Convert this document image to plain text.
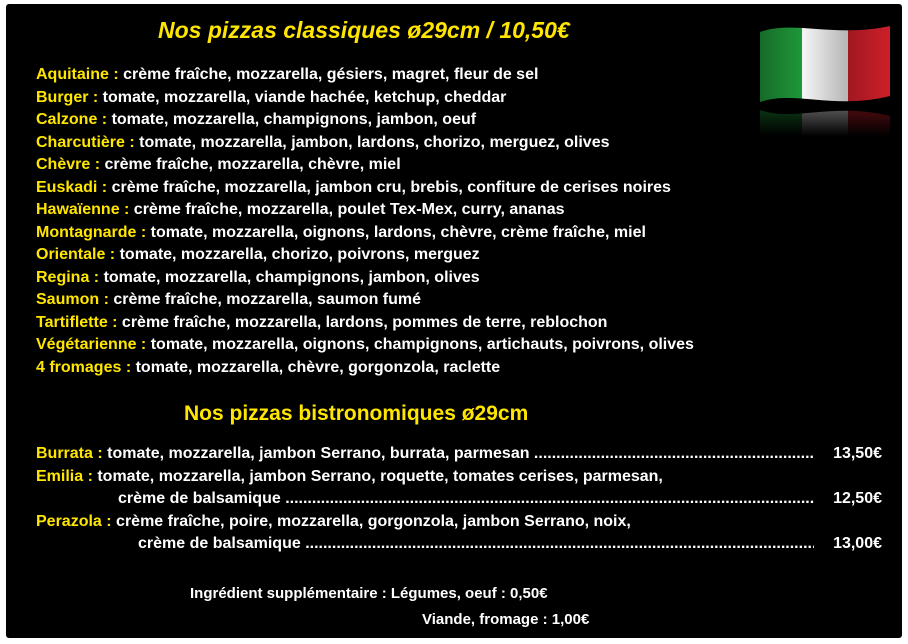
Nos pizzas classiques ø29cm / 10,50€
Aquitaine : crème fraîche, mozzarella, gésiers, magret, fleur de sel
Burger : tomate, mozzarella, viande hachée, ketchup, cheddar
Calzone : tomate, mozzarella, champignons, jambon, oeuf
Charcutière : tomate, mozzarella, jambon, lardons, chorizo, merguez, olives
Chèvre : crème fraîche, mozzarella, chèvre, miel
Euskadi : crème fraîche, mozzarella, jambon cru, brebis, confiture de cerises noires
Hawaïenne : crème fraîche, mozzarella, poulet Tex-Mex, curry, ananas
Montagnarde : tomate, mozzarella, oignons, lardons, chèvre, crème fraîche, miel
Orientale : tomate, mozzarella, chorizo, poivrons, merguez
Regina : tomate, mozzarella, champignons, jambon, olives
Saumon : crème fraîche, mozzarella, saumon fumé
Tartiflette : crème fraîche, mozzarella, lardons, pommes de terre, reblochon
Végétarienne : tomate, mozzarella, oignons, champignons, artichauts, poivrons, olives
4 fromages : tomate, mozzarella, chèvre, gorgonzola, raclette
Nos pizzas bistronomiques ø29cm
Burrata : tomate, mozzarella, jambon Serrano, burrata, parmesan .....	13,50€
Emilia : tomate, mozzarella, jambon Serrano, roquette, tomates cerises, parmesan,
crème de balsamique .....	12,50€
Perazola : crème fraîche, poire, mozzarella, gorgonzola, jambon Serrano, noix,
crème de balsamique .....	13,00€
Ingrédient supplémentaire : Légumes, oeuf : 0,50€
Viande, fromage : 1,00€
